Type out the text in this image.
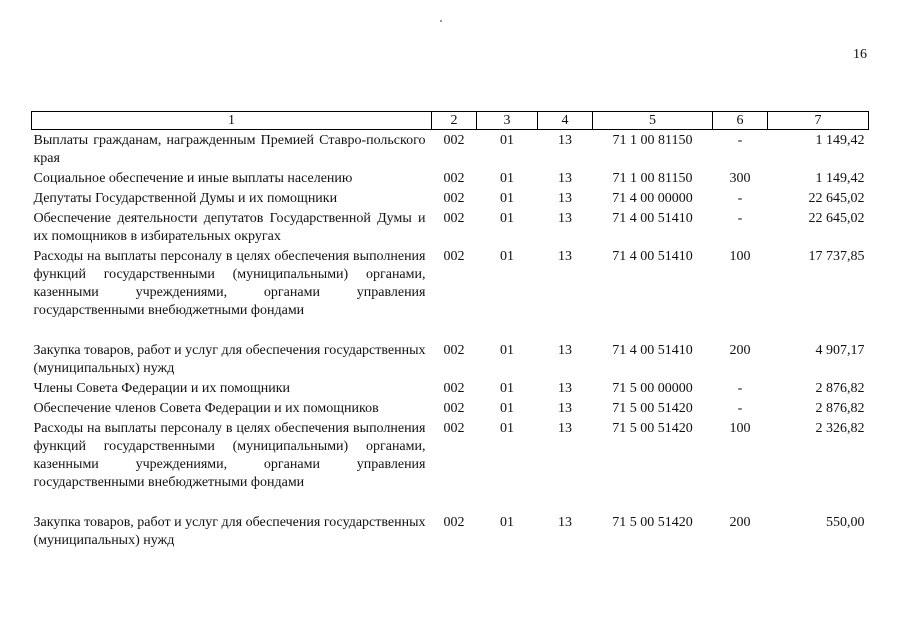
16
1	2	3	4	5	6	7
Выплаты гражданам, награжденным Премией Ставро-польского края	002	01	13	71 1 00 81150	-	1 149,42
Социальное обеспечение и иные выплаты населению	002	01	13	71 1 00 81150	300	1 149,42
Депутаты Государственной Думы и их помощники	002	01	13	71 4 00 00000	-	22 645,02
Обеспечение деятельности депутатов Государственной Думы и их помощников в избирательных округах	002	01	13	71 4 00 51410	-	22 645,02
Расходы на выплаты персоналу в целях обеспечения выполнения функций государственными (муниципальными) органами, казенными учреждениями, органами управления государственными внебюджетными фондами	002	01	13	71 4 00 51410	100	17 737,85
Закупка товаров, работ и услуг для обеспечения государственных (муниципальных) нужд	002	01	13	71 4 00 51410	200	4 907,17
Члены Совета Федерации и их помощники	002	01	13	71 5 00 00000	-	2 876,82
Обеспечение членов Совета Федерации и их помощников	002	01	13	71 5 00 51420	-	2 876,82
Расходы на выплаты персоналу в целях обеспечения выполнения функций государственными (муниципальными) органами, казенными учреждениями, органами управления государственными внебюджетными фондами	002	01	13	71 5 00 51420	100	2 326,82
Закупка товаров, работ и услуг для обеспечения государственных (муниципальных) нужд	002	01	13	71 5 00 51420	200	550,00
